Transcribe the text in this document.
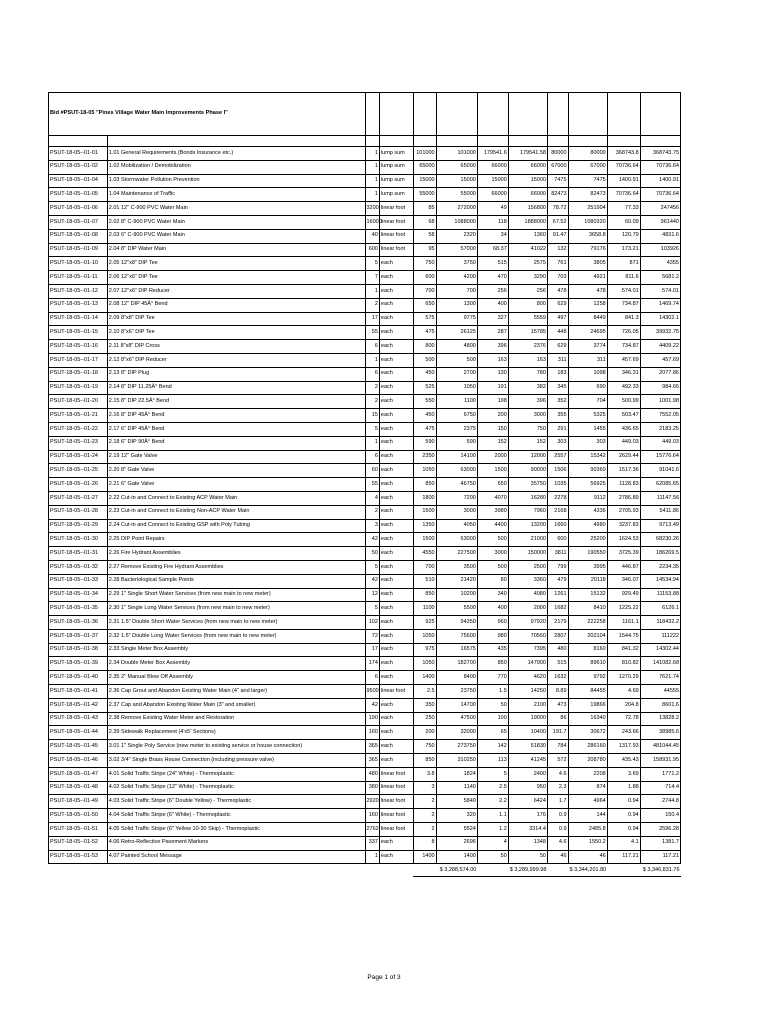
Bid #PSUT-18-05 "Pines Village Water Main Improvements Phase I"											

PSUT-18-05--01-01	1.01 General Requirements (Bonds Insurance etc.)	1	lump sum	101000	101000	179541.6	179541.58	80000	80000	368743.8	368743.75
PSUT-18-05--01-02	1.02 Mobilization / Demobilization	1	lump sum	65000	65000	66000	66000	67000	67000	70736.64	70736.64
PSUT-18-05--01-04	1.03 Stormwater Pollution Prevention	1	lump sum	15000	15000	15000	15000	7475	7475	1400.91	1400.91
PSUT-18-05--01-05	1.04 Maintenance of Traffic	1	lump sum	55000	55000	66000	66000	82473	82473	70736.64	70736.64
PSUT-18-05--01-06	2.01 12" C-900 PVC Water Main	3200	linear foot	85	272000	49	156800	78.72	251904	77.33	247456
PSUT-18-05--01-07	2.02 8" C-900 PVC Water Main	16000	linear foot	68	1088000	118	1888000	67.52	1080320	60.09	961440
PSUT-18-05--01-08	2.03 6" C-900 PVC Water Main	40	linear foot	58	2320	34	1360	91.47	3658.8	120.79	4831.6
PSUT-18-05--01-09	2.04 8" DIP Water Main	600	linear foot	95	57000	68.37	41022	132	79176	173.21	103926
PSUT-18-05--01-10	2.05 12"x8" DIP Tee	5	each	750	3750	515	2575	761	3805	871	4355
PSUT-18-05--01-11	2.06 12"x6" DIP Tee	7	each	600	4200	470	3290	703	4921	811.6	5681.2
PSUT-18-05--01-12	2.07 12"x6" DIP Reducer	1	each	700	700	256	256	478	478	574.01	574.01
PSUT-18-05--01-13	2.08 12" DIP 45Â° Bend	2	each	650	1300	400	800	629	1258	734.87	1469.74
PSUT-18-05--01-14	2.09 8"x8" DIP Tee	17	each	575	9775	327	5559	497	8449	841.3	14302.1
PSUT-18-05--01-15	2.10 8"x6" DIP Tee	55	each	475	26125	287	15785	448	24695	726.05	39932.75
PSUT-18-05--01-16	2.11 8"x8" DIP Cross	6	each	800	4800	396	2376	629	3774	734.87	4409.22
PSUT-18-05--01-17	2.12 8"x6" DIP Reducer	1	each	500	500	163	163	311	311	457.69	457.69
PSUT-18-05--01-18	2.13 8" DIP Plug	6	each	450	2700	130	780	183	1098	346.31	2077.86
PSUT-18-05--01-19	2.14 8" DIP 11.25Â° Bend	2	each	525	1050	191	382	345	690	492.33	984.66
PSUT-18-05--01-20	2.15 8" DIP 22.5Â° Bend	2	each	550	1100	198	396	352	704	500.99	1001.98
PSUT-18-05--01-21	2.16 8" DIP 45Â° Bend	15	each	450	6750	200	3000	355	5325	503.47	7552.05
PSUT-18-05--01-22	2.17 6" DIP 45Â° Bend	5	each	475	2375	150	750	291	1455	436.65	2183.25
PSUT-18-05--01-23	2.18 6" DIP 90Â° Bend	1	each	590	590	152	152	303	303	449.03	449.03
PSUT-18-05--01-24	2.19 12" Gate Valve	6	each	2350	14100	2000	12000	2557	15342	2629.44	15776.64
PSUT-18-05--01-25	2.20 8" Gate Valve	60	each	1050	63000	1500	90000	1506	90360	1517.36	91041.6
PSUT-18-05--01-26	2.21 6" Gate Valve	55	each	850	46750	650	35750	1035	56925	1128.83	62085.65
PSUT-18-05--01-27	2.22 Cut-in and Connect to Existing ACP Water Main	4	each	1800	7200	4070	16280	2278	9112	2786.89	11147.56
PSUT-18-05--01-28	2.23 Cut-in and Connect to Existing Non-ACP Water Main	2	each	1500	3000	3980	7960	2168	4336	2705.93	5411.86
PSUT-18-05--01-29	2.24 Cut-in and Connect to Existing GSP with Poly Tubing	3	each	1350	4050	4400	13200	1660	4980	3237.83	9713.49
PSUT-18-05--01-30	2.25 DIP Point Repairs	42	each	1500	63000	500	21000	600	25200	1624.53	68230.26
PSUT-18-05--01-31	2.26 Fire Hydrant Assemblies	50	each	4550	227500	3000	150000	3811	190550	3725.39	186269.5
PSUT-18-05--01-32	2.27 Remove Existing Fire Hydrant Assemblies	5	each	700	3500	500	2500	799	3995	446.87	2234.35
PSUT-18-05--01-33	2.28 Bacteriological Sample Points	42	each	510	21420	80	3360	479	20118	346.07	14534.94
PSUT-18-05--01-34	2.29 1" Single Short Water Services (from new main to new meter)	12	each	850	10200	340	4080	1261	15132	929.49	11153.88
PSUT-18-05--01-35	2.30 1" Single Long Water Services (from new main to new meter)	5	each	1100	5500	400	2000	1682	8410	1225.22	6126.1
PSUT-18-05--01-36	2.31 1.5" Double Short Water Services (from new main to new meter)	102	each	925	94350	960	97920	2179	222258	1161.1	118432.2
PSUT-18-05--01-37	2.32 1.5" Double Long Water Services (from new main to new meter)	72	each	1050	75600	980	70560	2807	202104	1544.75	111222
PSUT-18-05--01-38	2.33 Single Meter Box Assembly	17	each	975	16575	435	7395	480	8160	841.32	14302.44
PSUT-18-05--01-39	2.34 Double Meter Box Assembly	174	each	1050	182700	850	147900	515	89610	810.82	141082.68
PSUT-18-05--01-40	2.35 2" Manual Blow Off Assembly	6	each	1400	8400	770	4620	1632	9792	1270.29	7621.74
PSUT-18-05--01-41	2.36 Cap Grout and Abandon Existing Water Main (4" and larger)	9500	linear foot	2.5	23750	1.5	14250	8.89	84455	4.69	44555
PSUT-18-05--01-42	2.37 Cap and Abandon Existing Water Main (3" and smaller)	42	each	350	14700	50	2100	473	19866	204.8	8601.6
PSUT-18-05--01-43	2.38 Remove Existing Water Meter and Restoration	190	each	250	47500	100	19000	86	16340	72.78	13828.2
PSUT-18-05--01-44	2.39 Sidewalk Replacement (4'x5' Sections)	160	each	200	32000	65	10400	191.7	30672	243.66	38985.6
PSUT-18-05--01-45	3.01 1" Single Poly Service (new meter to existing service or house connection)	365	each	750	273750	142	51830	784	286160	1317.93	481044.45
PSUT-18-05--01-46	3.02 3/4" Single Brass House Connection (including pressure valve)	365	each	850	310250	113	41245	572	208780	435.43	158931.95
PSUT-18-05--01-47	4.01 Solid Traffic Stripe (24" White) - Thermoplastic	480	linear foot	3.8	1824	5	2400	4.6	2208	3.69	1771.2
PSUT-18-05--01-48	4.02 Solid Traffic Stripe (12" White) - Thermoplastic	380	linear foot	3	1140	2.5	950	2.3	874	1.88	714.4
PSUT-18-05--01-49	4.03 Solid Traffic Stripe (6" Double Yellow) - Thermoplastic	2920	linear foot	2	5840	2.2	6424	1.7	4964	0.94	2744.8
PSUT-18-05--01-50	4.04 Solid Traffic Stripe (6" White) - Thermoplastic	160	linear foot	2	320	1.1	176	0.9	144	0.94	150.4
PSUT-18-05--01-51	4.05 Solid Traffic Stripe (6" Yellow 10-30 Skip) - Thermoplastic	2762	linear foot	2	5524	1.2	3314.4	0.9	2485.8	0.94	2596.28
PSUT-18-05--01-52	4.06 Retro-Reflective Pavement Markers	337	each	8	2696	4	1348	4.6	1550.2	4.1	1381.7
PSUT-18-05--01-53	4.07 Painted School Message	1	each	1400	1400	50	50	46	46	117.21	117.21
				$ 3,288,574.00		$ 3,289,999.98		$ 3,344,201.80		$ 3,346,831.76	
Page 1 of 3
